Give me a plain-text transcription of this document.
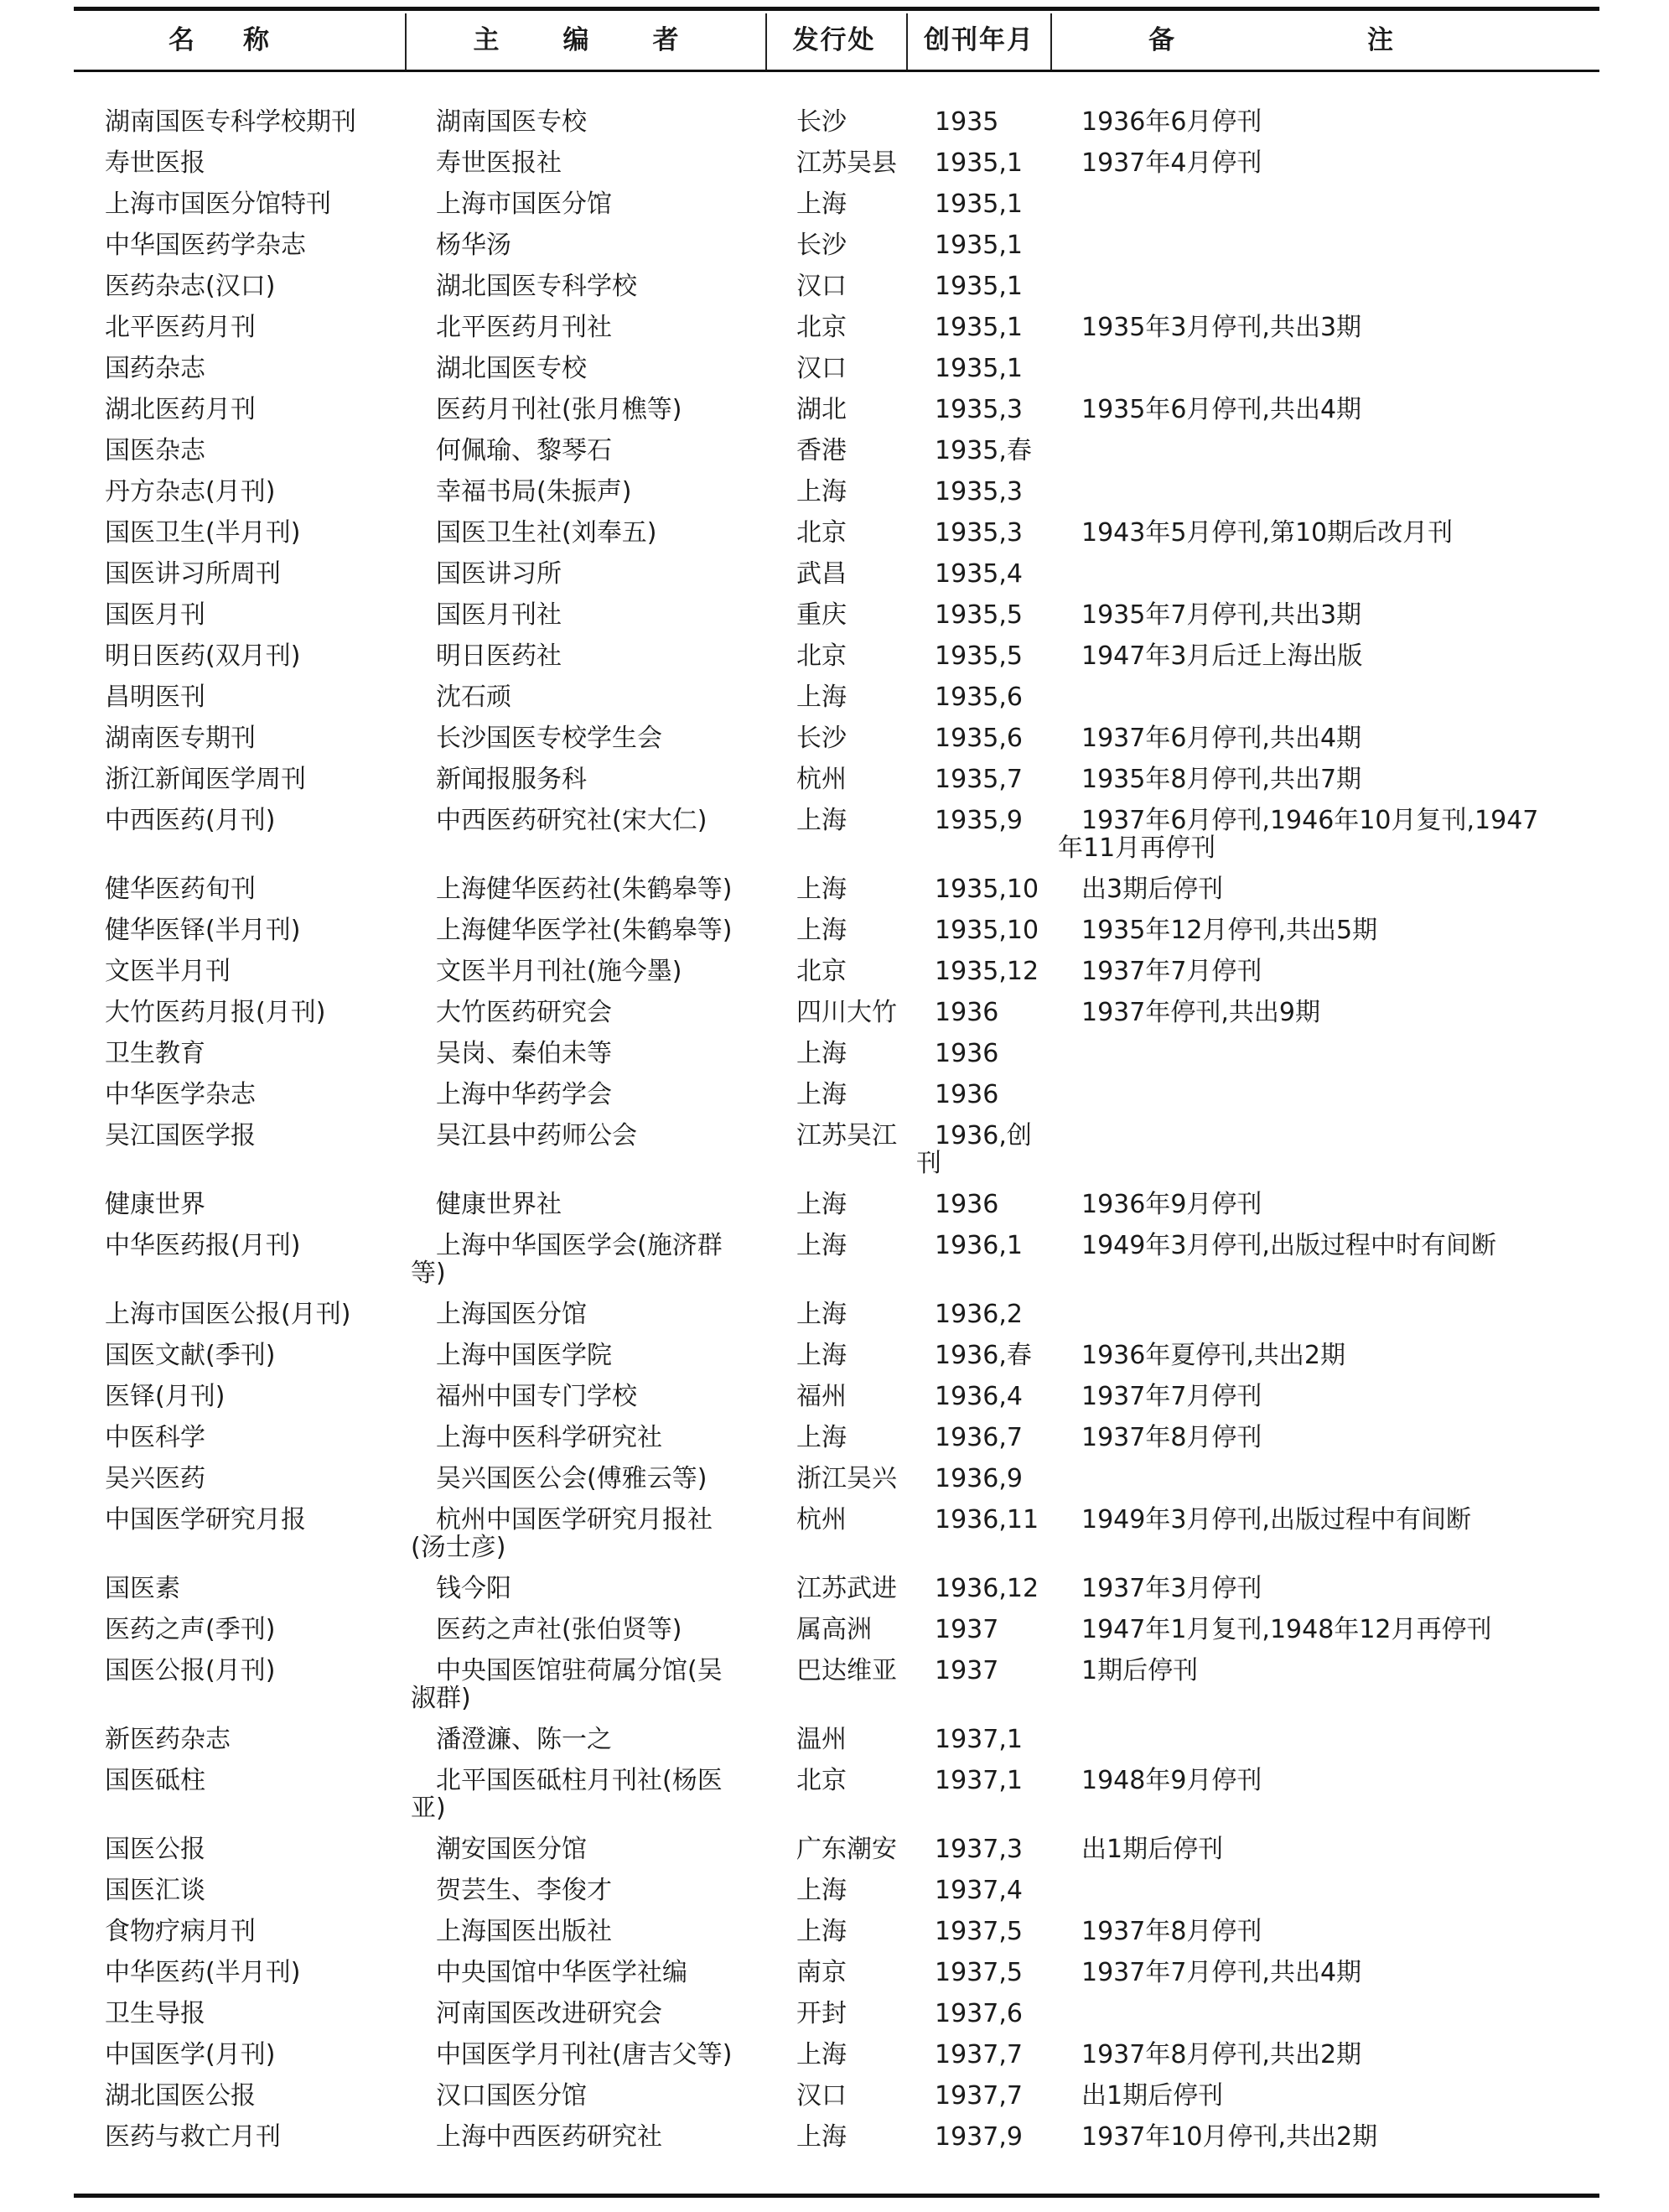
名称	主编者	发行处	创刊年月	备注
湖南国医专科学校期刊	湖南国医专校	长沙	1935	1936年6月停刊
寿世医报	寿世医报社	江苏吴县 1935,1 1937年4月停刊
上海市国医分馆特刊	上海市国医分馆	上海	1935,1
中华国医药学杂志	杨华汤	长沙	1935,1
医药杂志(汉口)	湖北国医专科学校	汉口	1935,1
北平医药月刊	北平医药月刊社	北京	1935,1 1935年3月停刊,共出3期
国药杂志	湖北国医专校	汉口	1935,1
湖北医药月刊	医药月刊社(张月樵等)	湖北	1935,3 1935年6月停刊,共出4期
国医杂志	何佩瑜、黎琴石	香港	1935,春
丹方杂志(月刊)	幸福书局(朱振声)	上海	1935,3
国医卫生(半月刊)	国医卫生社(刘奉五)	北京	1935,3 1943年5月停刊,第10期后改月刊
国医讲习所周刊	国医讲习所	武昌	1935,4
国医月刊	国医月刊社	重庆	1935,5 1935年7月停刊,共出3期
明日医药(双月刊)	明日医药社	北京	1935,5 1947年3月后迁上海出版
昌明医刊	沈石顽	上海	1935,6
湖南医专期刊	长沙国医专校学生会	长沙	1935,6 1937年6月停刊,共出4期
浙江新闻医学周刊	新闻报服务科	杭州	1935,7 1935年8月停刊,共出7期
中西医药(月刊)	中西医药研究社(宋大仁)	上海	1935,9 1937年6月停刊,1946年10月复刊,1947
年11月再停刊
健华医药旬刊	上海健华医药社(朱鹤皋等)	上海	1935,10 出3期后停刊
健华医铎(半月刊)	上海健华医学社(朱鹤皋等)	上海	1935,10 1935年12月停刊,共出5期
文医半月刊	文医半月刊社(施今墨)	北京	1935,12 1937年7月停刊
大竹医药月报(月刊)	大竹医药研究会	四川大竹 1936	1937年停刊,共出9期
卫生教育	吴岗、秦伯未等	上海	1936
中华医学杂志	上海中华药学会	上海	1936
吴江国医学报	吴江县中药师公会	江苏吴江 1936,创
刊
健康世界	健康世界社	上海	1936	1936年9月停刊
中华医药报(月刊)	上海中华国医学会(施济群	上海	1936,1 1949年3月停刊,出版过程中时有间断
等)
上海市国医公报(月刊)	上海国医分馆	上海	1936,2
国医文献(季刊)	上海中国医学院	上海	1936,春 1936年夏停刊,共出2期
医铎(月刊)	福州中国专门学校	福州	1936,4 1937年7月停刊
中医科学	上海中医科学研究社	上海	1936,7 1937年8月停刊
吴兴医药	吴兴国医公会(傅雅云等)	浙江吴兴 1936,9
中国医学研究月报	杭州中国医学研究月报社	杭州	1936,11 1949年3月停刊,出版过程中有间断
(汤士彦)
国医素	钱今阳	江苏武进 1936,12 1937年3月停刊
医药之声(季刊)	医药之声社(张伯贤等)	属高洲	1937	1947年1月复刊,1948年12月再停刊
国医公报(月刊)	中央国医馆驻荷属分馆(吴	巴达维亚 1937	1期后停刊
淑群)
新医药杂志	潘澄濂、陈一之	温州	1937,1
国医砥柱	北平国医砥柱月刊社(杨医	北京	1937,1 1948年9月停刊
亚)
国医公报	潮安国医分馆	广东潮安 1937,3 出1期后停刊
国医汇谈	贺芸生、李俊才	上海	1937,4
食物疗病月刊	上海国医出版社	上海	1937,5 1937年8月停刊
中华医药(半月刊)	中央国馆中华医学社编	南京	1937,5 1937年7月停刊,共出4期
卫生导报	河南国医改进研究会	开封	1937,6
中国医学(月刊)	中国医学月刊社(唐吉父等)	上海	1937,7 1937年8月停刊,共出2期
湖北国医公报	汉口国医分馆	汉口	1937,7 出1期后停刊
医药与救亡月刊	上海中西医药研究社	上海	1937,9 1937年10月停刊,共出2期
